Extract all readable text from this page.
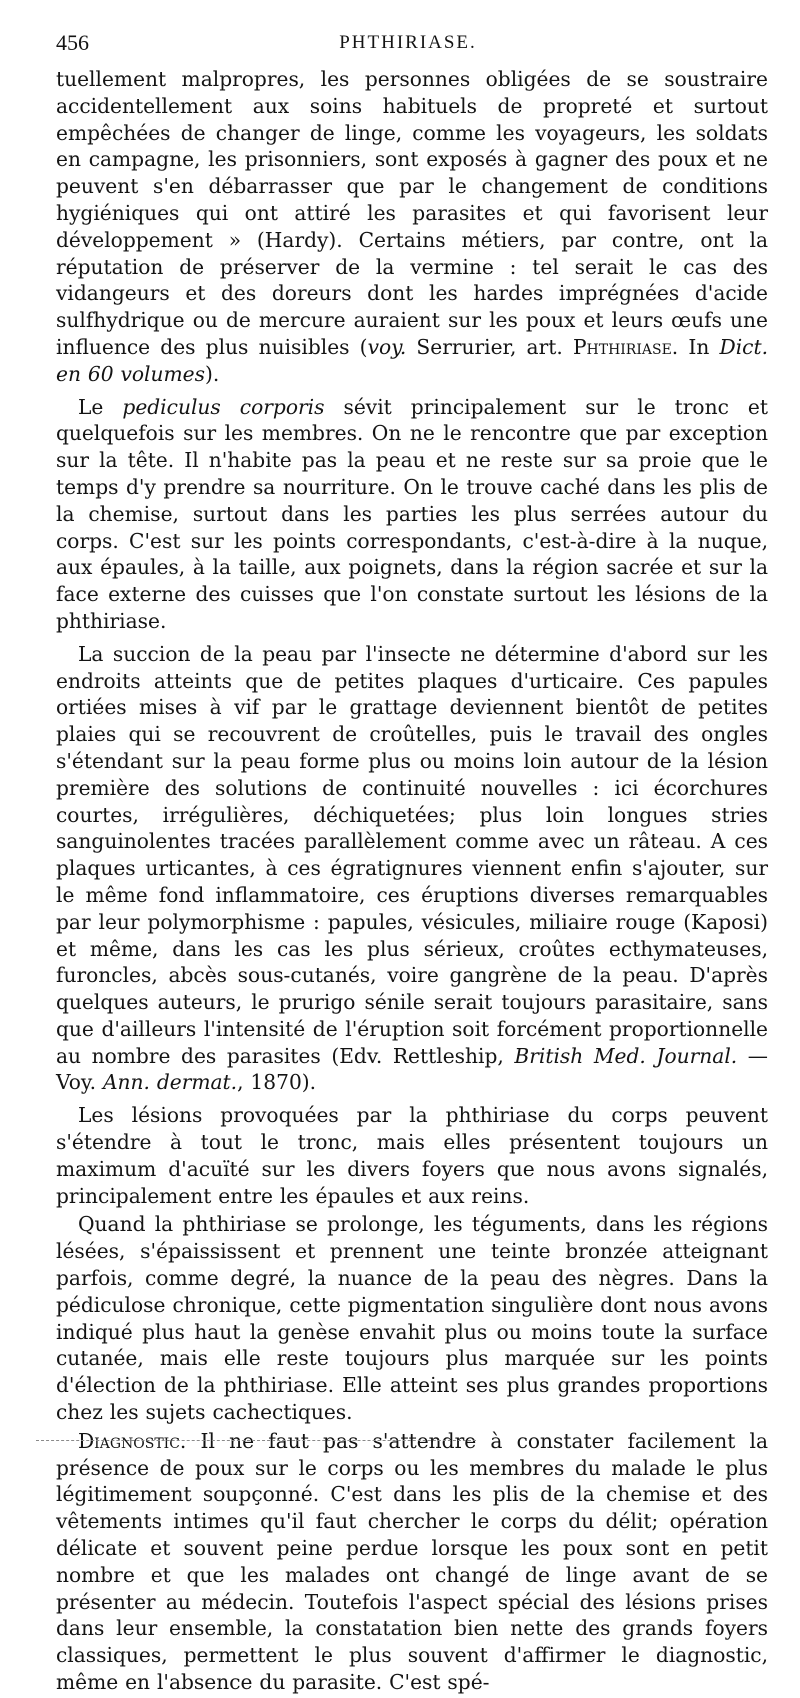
456	PHTHIRIASE.

tuellement malpropres, les personnes obligées de se soustraire accidentellement aux soins habituels de propreté et surtout empêchées de changer de linge, comme les voyageurs, les soldats en campagne, les prisonniers, sont exposés à gagner des poux et ne peuvent s'en débarrasser que par le changement de conditions hygiéniques qui ont attiré les parasites et qui favorisent leur développement » (Hardy). Certains métiers, par contre, ont la réputation de préserver de la vermine : tel serait le cas des vidangeurs et des doreurs dont les hardes imprégnées d'acide sulfhydrique ou de mercure auraient sur les poux et leurs œufs une influence des plus nuisibles (voy. Serrurier, art. Phthiriase. In Dict. en 60 volumes).

Le pediculus corporis sévit principalement sur le tronc et quelquefois sur les membres. On ne le rencontre que par exception sur la tête. Il n'habite pas la peau et ne reste sur sa proie que le temps d'y prendre sa nourriture. On le trouve caché dans les plis de la chemise, surtout dans les parties les plus serrées autour du corps. C'est sur les points correspondants, c'est-à-dire à la nuque, aux épaules, à la taille, aux poignets, dans la région sacrée et sur la face externe des cuisses que l'on constate surtout les lésions de la phthiriase.

La succion de la peau par l'insecte ne détermine d'abord sur les endroits atteints que de petites plaques d'urticaire. Ces papules ortiées mises à vif par le grattage deviennent bientôt de petites plaies qui se recouvrent de croûtelles, puis le travail des ongles s'étendant sur la peau forme plus ou moins loin autour de la lésion première des solutions de continuité nouvelles : ici écorchures courtes, irrégulières, déchiquetées; plus loin longues stries sanguinolentes tracées parallèlement comme avec un râteau. A ces plaques urticantes, à ces égratignures viennent enfin s'ajouter, sur le même fond inflammatoire, ces éruptions diverses remarquables par leur polymorphisme : papules, vésicules, miliaire rouge (Kaposi) et même, dans les cas les plus sérieux, croûtes ecthymateuses, furoncles, abcès sous-cutanés, voire gangrène de la peau. D'après quelques auteurs, le prurigo sénile serait toujours parasitaire, sans que d'ailleurs l'intensité de l'éruption soit forcément proportionnelle au nombre des parasites (Edv. Rettleship, British Med. Journal. — Voy. Ann. dermat., 1870).

Les lésions provoquées par la phthiriase du corps peuvent s'étendre à tout le tronc, mais elles présentent toujours un maximum d'acuïté sur les divers foyers que nous avons signalés, principalement entre les épaules et aux reins.

Quand la phthiriase se prolonge, les téguments, dans les régions lésées, s'épaississent et prennent une teinte bronzée atteignant parfois, comme degré, la nuance de la peau des nègres. Dans la pédiculose chronique, cette pigmentation singulière dont nous avons indiqué plus haut la genèse envahit plus ou moins toute la surface cutanée, mais elle reste toujours plus marquée sur les points d'élection de la phthiriase. Elle atteint ses plus grandes proportions chez les sujets cachectiques.

Diagnostic. Il ne faut pas s'attendre à constater facilement la présence de poux sur le corps ou les membres du malade le plus légitimement soupçonné. C'est dans les plis de la chemise et des vêtements intimes qu'il faut chercher le corps du délit; opération délicate et souvent peine perdue lorsque les poux sont en petit nombre et que les malades ont changé de linge avant de se présenter au médecin. Toutefois l'aspect spécial des lésions prises dans leur ensemble, la constatation bien nette des grands foyers classiques, permettent le plus souvent d'affirmer le diagnostic, même en l'absence du parasite. C'est spé-
